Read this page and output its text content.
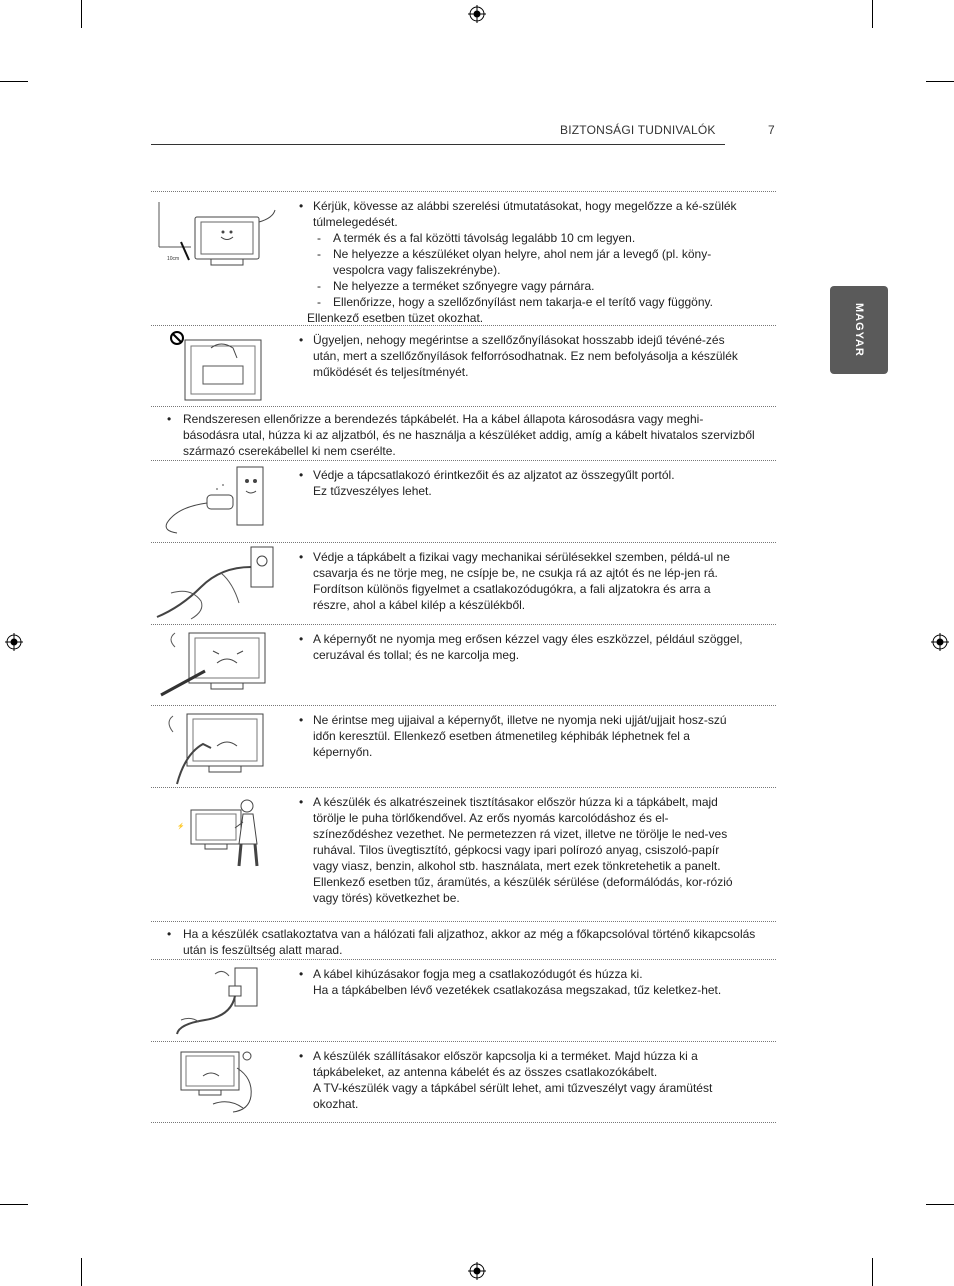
BIZTONSÁGI TUDNIVALÓK	7
MAGYAR
10cm
• Kérjük, kövesse az alábbi szerelési útmutatásokat, hogy megelőzze a ké-szülék túlmelegedését.
- A termék és a fal közötti távolság legalább 10 cm legyen.
- Ne helyezze a készüléket olyan helyre, ahol nem jár a levegő (pl. köny-vespolcra vagy faliszekrénybe).
- Ne helyezze a terméket szőnyegre vagy párnára.
- Ellenőrizze, hogy a szellőzőnyílást nem takarja-e el terítő vagy függöny.
Ellenkező esetben tüzet okozhat.
• Ügyeljen, nehogy megérintse a szellőzőnyílásokat hosszabb idejű tévéné-zés után, mert a szellőzőnyílások felforrósodhatnak. Ez nem befolyásolja a készülék működését és teljesítményét.
• Rendszeresen ellenőrizze a berendezés tápkábelét. Ha a kábel állapota károsodásra vagy meghi-básodásra utal, húzza ki az aljzatból, és ne használja a készüléket addig, amíg a kábelt hivatalos szervizből származó cserekábellel ki nem cserélte.
• Védje a tápcsatlakozó érintkezőit és az aljzatot az összegyűlt portól.
Ez tűzveszélyes lehet.
• Védje a tápkábelt a fizikai vagy mechanikai sérülésekkel szemben, példá-ul ne csavarja és ne törje meg, ne csípje be, ne csukja rá az ajtót és ne lép-jen rá. Fordítson különös figyelmet a csatlakozódugókra, a fali aljzatokra és arra a részre, ahol a kábel kilép a készülékből.
• A képernyőt ne nyomja meg erősen kézzel vagy éles eszközzel, például szöggel, ceruzával és tollal; és ne karcolja meg.
• Ne érintse meg ujjaival a képernyőt, illetve ne nyomja neki ujját/ujjait hosz-szú időn keresztül. Ellenkező esetben átmenetileg képhibák léphetnek fel a képernyőn.
⚡
• A készülék és alkatrészeinek tisztításakor először húzza ki a tápkábelt, majd törölje le puha törlőkendővel. Az erős nyomás karcolódáshoz és el-színeződéshez vezethet. Ne permetezzen rá vizet, illetve ne törölje le ned-ves ruhával. Tilos üvegtisztító, gépkocsi vagy ipari polírozó anyag, csiszoló-papír vagy viasz, benzin, alkohol stb. használata, mert ezek tönkretehetik a panelt.
Ellenkező esetben tűz, áramütés, a készülék sérülése (deformálódás, kor-rózió vagy törés) következhet be.
• Ha a készülék csatlakoztatva van a hálózati fali aljzathoz, akkor az még a főkapcsolóval történő kikapcsolás után is feszültség alatt marad.
• A kábel kihúzásakor fogja meg a csatlakozódugót és húzza ki.
Ha a tápkábelben lévő vezetékek csatlakozása megszakad, tűz keletkez-het.
• A készülék szállításakor először kapcsolja ki a terméket. Majd húzza ki a tápkábeleket, az antenna kábelét és az összes csatlakozókábelt.
A TV-készülék vagy a tápkábel sérült lehet, ami tűzveszélyt vagy áramütést okozhat.
